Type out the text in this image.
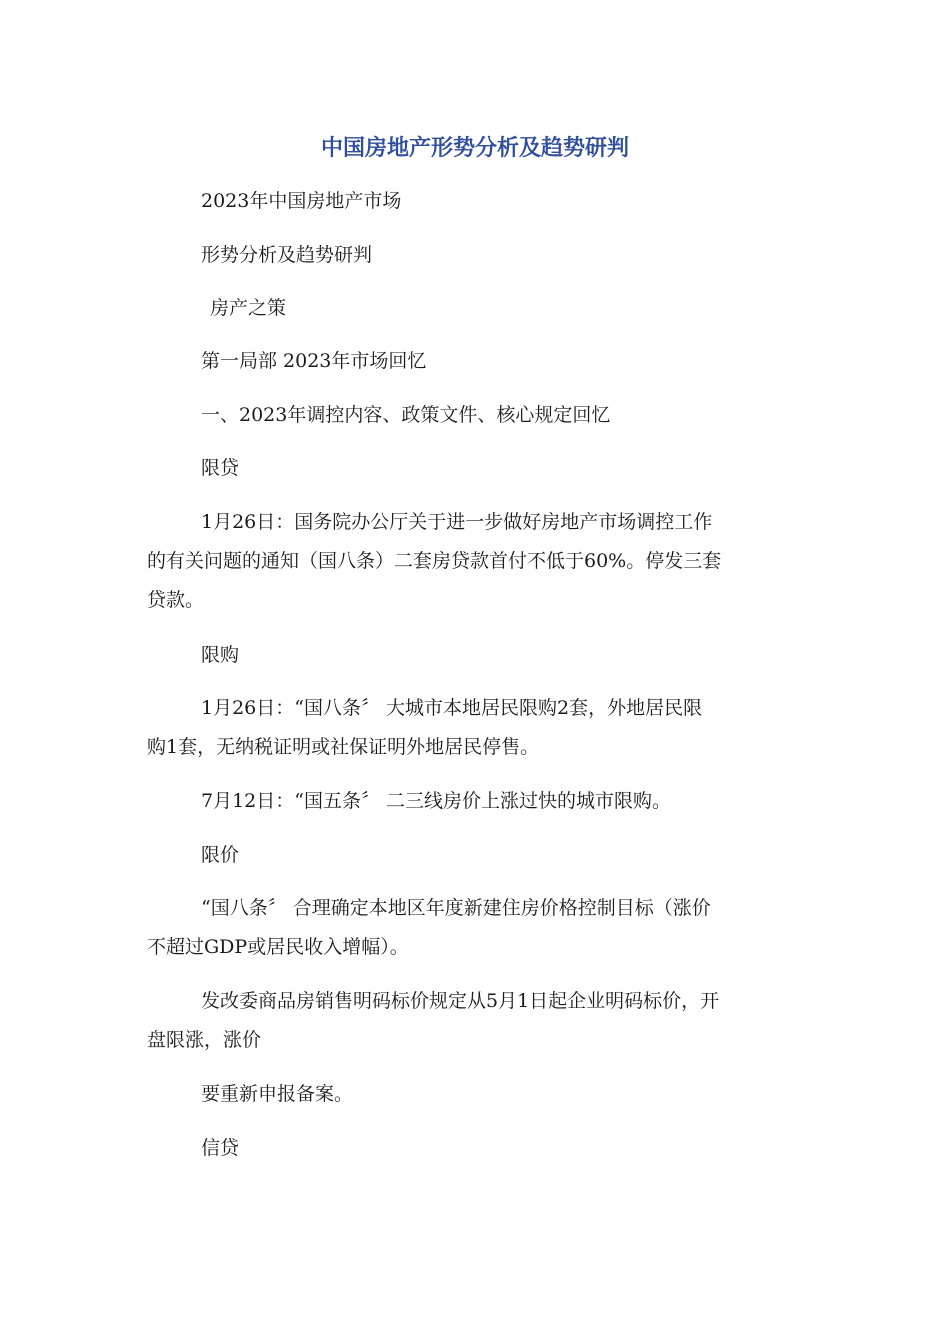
中国房地产形势分析及趋势研判
2023年中国房地产市场
形势分析及趋势研判
房产之策
第一局部 2023年市场回忆
一、2023年调控内容、政策文件、核心规定回忆
限贷
1月26日：国务院办公厅关于进一步做好房地产市场调控工作
的有关问题的通知（国八条）二套房贷款首付不低于60%。停发三套
贷款。
限购
1月26日：“国八条〞 大城市本地居民限购2套，外地居民限
购1套，无纳税证明或社保证明外地居民停售。
7月12日：“国五条〞 二三线房价上涨过快的城市限购。
限价
“国八条〞 合理确定本地区年度新建住房价格控制目标（涨价
不超过GDP或居民收入增幅）。
发改委商品房销售明码标价规定从5月1日起企业明码标价，开
盘限涨，涨价
要重新申报备案。
信贷
